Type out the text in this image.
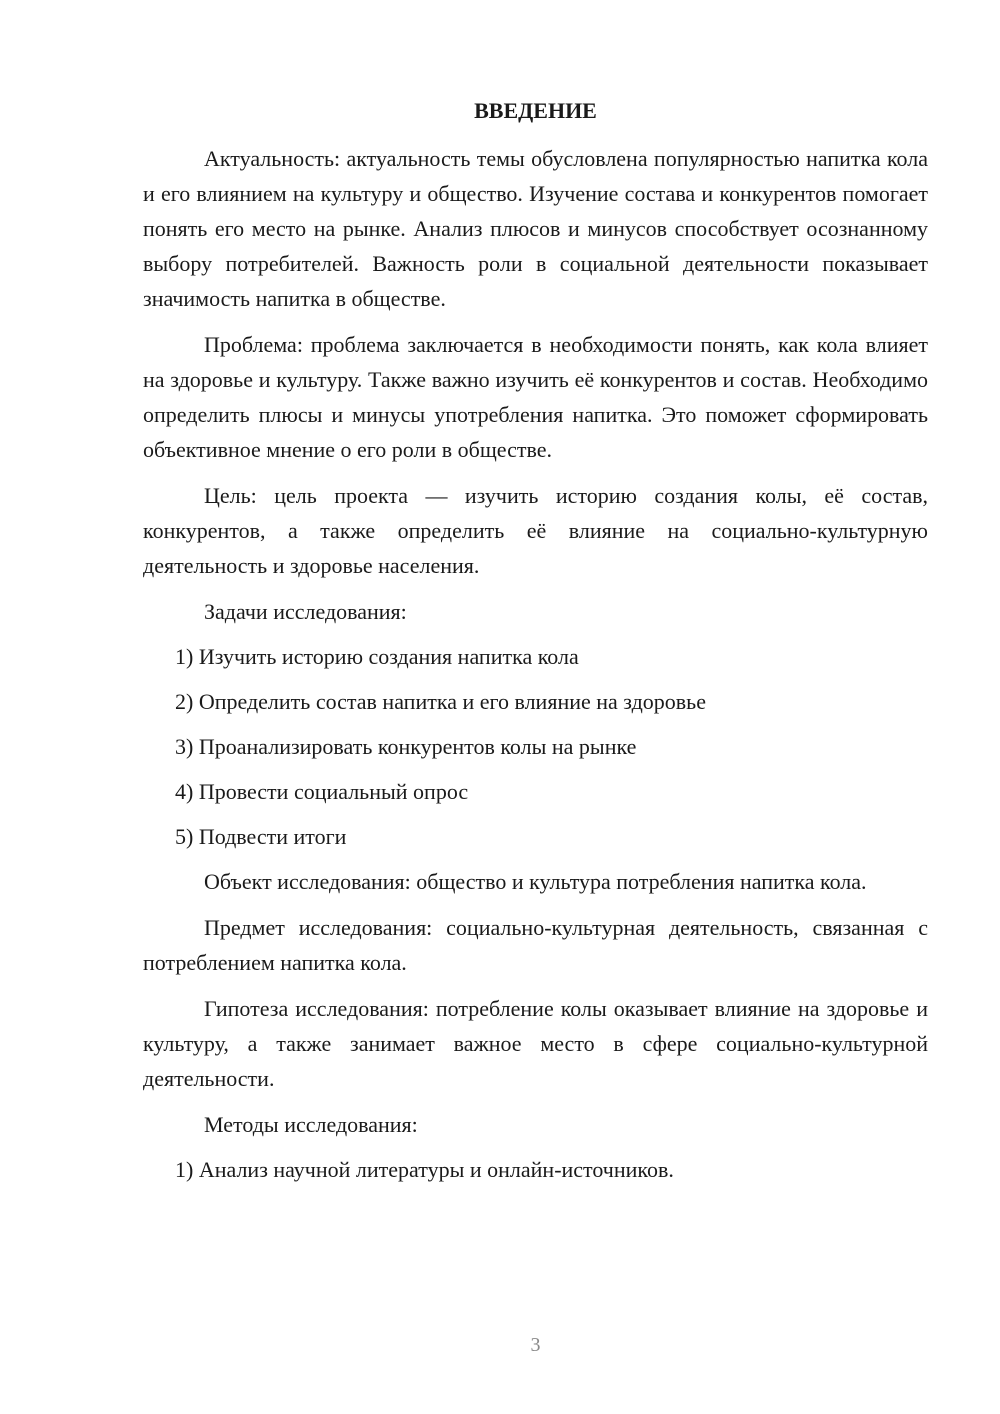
ВВЕДЕНИЕ

Актуальность: актуальность темы обусловлена популярностью напитка кола и его влиянием на культуру и общество. Изучение состава и конкурентов помогает понять его место на рынке. Анализ плюсов и минусов способствует осознанному выбору потребителей. Важность роли в социальной деятельности показывает значимость напитка в обществе.

Проблема: проблема заключается в необходимости понять, как кола влияет на здоровье и культуру. Также важно изучить её конкурентов и состав. Необходимо определить плюсы и минусы употребления напитка. Это поможет сформировать объективное мнение о его роли в обществе.

Цель: цель проекта — изучить историю создания колы, её состав, конкурентов, а также определить её влияние на социально-культурную деятельность и здоровье населения.

Задачи исследования:

1) Изучить историю создания напитка кола

2) Определить состав напитка и его влияние на здоровье

3) Проанализировать конкурентов колы на рынке

4) Провести социальный опрос

5) Подвести итоги

Объект исследования: общество и культура потребления напитка кола.

Предмет исследования: социально-культурная деятельность, связанная с потреблением напитка кола.

Гипотеза исследования: потребление колы оказывает влияние на здоровье и культуру, а также занимает важное место в сфере социально-культурной деятельности.

Методы исследования:

1) Анализ научной литературы и онлайн-источников.

3
